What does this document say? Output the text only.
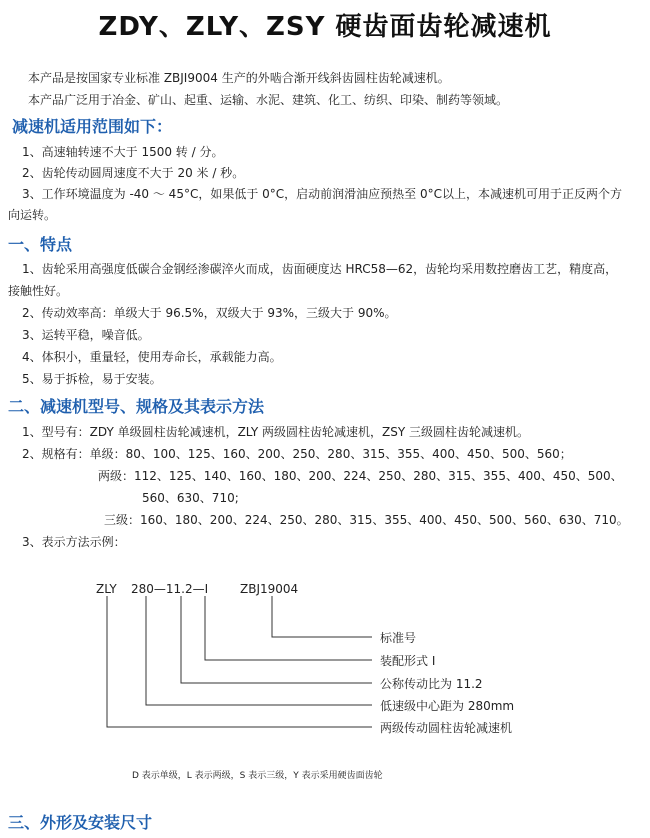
ZDY、ZLY、ZSY 硬齿面齿轮减速机
本产品是按国家专业标准 ZBJI9004 生产的外啮合渐开线斜齿圆柱齿轮减速机。
本产品广泛用于冶金、矿山、起重、运输、水泥、建筑、化工、纺织、印染、制药等领域。
减速机适用范围如下：
1、高速轴转速不大于 1500 转 / 分。
2、齿轮传动圆周速度不大于 20 米 / 秒。
3、工作环境温度为 -40 ～ 45°C，如果低于 0°C，启动前润滑油应预热至 0°C以上，本减速机可用于正反两个方
向运转。
一、特点
1、齿轮采用高强度低碳合金钢经渗碳淬火而成，齿面硬度达 HRC58—62，齿轮均采用数控磨齿工艺，精度高，
接触性好。
2、传动效率高：单级大于 96.5%，双级大于 93%，三级大于 90%。
3、运转平稳，噪音低。
4、体积小，重量轻，使用寿命长，承载能力高。
5、易于拆检，易于安装。
二、减速机型号、规格及其表示方法
1、型号有：ZDY 单级圆柱齿轮减速机，ZLY 两级圆柱齿轮减速机，ZSY 三级圆柱齿轮减速机。
2、规格有：单级：80、100、125、160、200、250、280、315、355、400、450、500、560；
两级：112、125、140、160、180、200、224、250、280、315、355、400、450、500、
560、630、710;
三级：160、180、200、224、250、280、315、355、400、450、500、560、630、710。
3、表示方法示例：
ZLY 280—11.2—I	ZBJ19004
标准号
装配形式 I
公称传动比为 11.2
低速级中心距为 280mm
两级传动圆柱齿轮减速机
D 表示单级，L 表示两级，S 表示三级，Y 表示采用硬齿面齿轮
三、外形及安装尺寸
